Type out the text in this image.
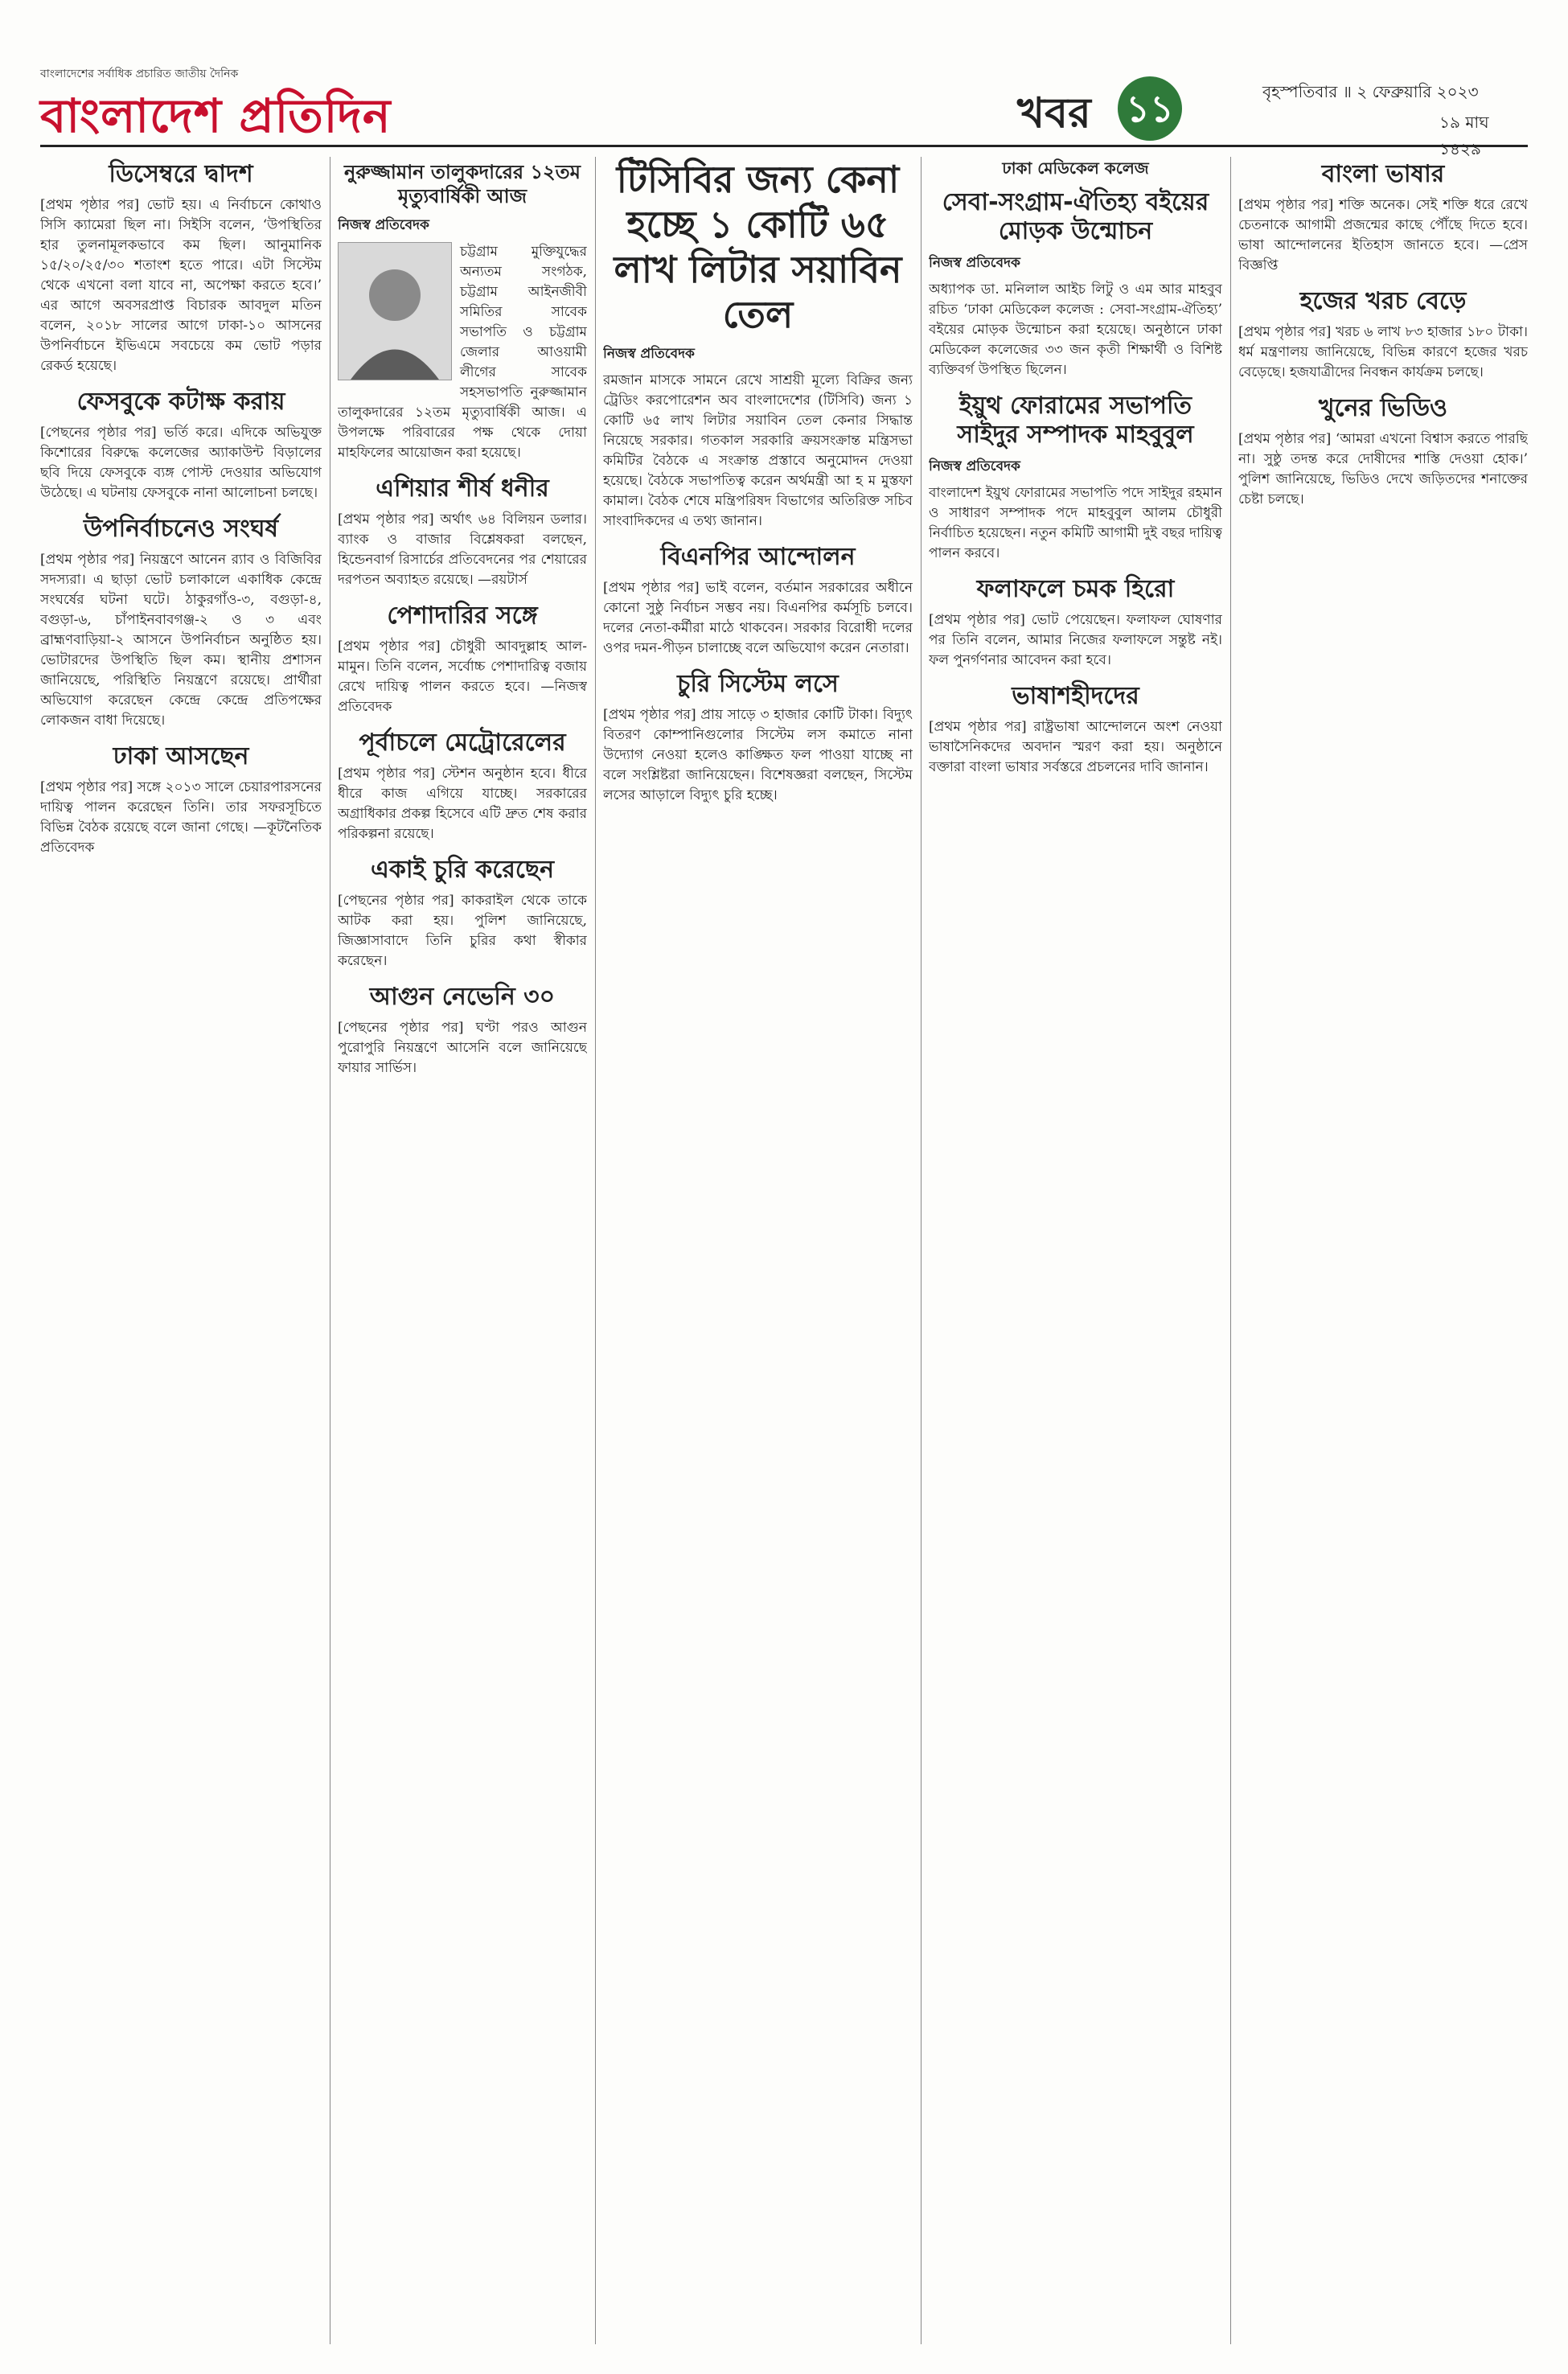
বাংলাদেশের সর্বাধিক প্রচারিত জাতীয় দৈনিক
বাংলাদেশ প্রতিদিন	খবর ১১	বৃহস্পতিবার ॥ ২ ফেব্রুয়ারি ২০২৩
১৯ মাঘ ১৪২৯
ডিসেম্বরে দ্বাদশ

[প্রথম পৃষ্ঠার পর] ভোট হয়। এ নির্বাচনে কোথাও সিসি ক্যামেরা ছিল না। সিইসি বলেন, ‘উপস্থিতির হার তুলনামূলকভাবে কম ছিল। আনুমানিক ১৫/২০/২৫/৩০ শতাংশ হতে পারে। এটা সিস্টেম থেকে এখনো বলা যাবে না, অপেক্ষা করতে হবে।’ এর আগে অবসরপ্রাপ্ত বিচারক আবদুল মতিন বলেন, ২০১৮ সালের আগে ঢাকা-১০ আসনের উপনির্বাচনে ইভিএমে সবচেয়ে কম ভোট পড়ার রেকর্ড হয়েছে।

ফেসবুকে কটাক্ষ করায়

[পেছনের পৃষ্ঠার পর] ভর্তি করে। এদিকে অভিযুক্ত কিশোরের বিরুদ্ধে কলেজের অ্যাকাউন্ট বিড়ালের ছবি দিয়ে ফেসবুকে ব্যঙ্গ পোস্ট দেওয়ার অভিযোগ উঠেছে। এ ঘটনায় ফেসবুকে নানা আলোচনা চলছে।

উপনির্বাচনেও সংঘর্ষ

[প্রথম পৃষ্ঠার পর] নিয়ন্ত্রণে আনেন র‌্যাব ও বিজিবির সদস্যরা। এ ছাড়া ভোট চলাকালে একাধিক কেন্দ্রে সংঘর্ষের ঘটনা ঘটে। ঠাকুরগাঁও-৩, বগুড়া-৪, বগুড়া-৬, চাঁপাইনবাবগঞ্জ-২ ও ৩ এবং ব্রাহ্মণবাড়িয়া-২ আসনে উপনির্বাচন অনুষ্ঠিত হয়। ভোটারদের উপস্থিতি ছিল কম। স্থানীয় প্রশাসন জানিয়েছে, পরিস্থিতি নিয়ন্ত্রণে রয়েছে। প্রার্থীরা অভিযোগ করেছেন কেন্দ্রে কেন্দ্রে প্রতিপক্ষের লোকজন বাধা দিয়েছে।

ঢাকা আসছেন

[প্রথম পৃষ্ঠার পর] সঙ্গে ২০১৩ সালে চেয়ারপারসনের দায়িত্ব পালন করেছেন তিনি। তার সফরসূচিতে বিভিন্ন বৈঠক রয়েছে বলে জানা গেছে। —কূটনৈতিক প্রতিবেদক

নুরুজ্জামান তালুকদারের ১২তম মৃত্যুবার্ষিকী আজ
নিজস্ব প্রতিবেদক

চট্টগ্রাম মুক্তিযুদ্ধের অন্যতম সংগঠক, চট্টগ্রাম আইনজীবী সমিতির সাবেক সভাপতি ও চট্টগ্রাম জেলার আওয়ামী লীগের সাবেক সহসভাপতি নুরুজ্জামান তালুকদারের ১২তম মৃত্যুবার্ষিকী আজ। এ উপলক্ষে পরিবারের পক্ষ থেকে দোয়া মাহফিলের আয়োজন করা হয়েছে।

এশিয়ার শীর্ষ ধনীর

[প্রথম পৃষ্ঠার পর] অর্থাৎ ৬৪ বিলিয়ন ডলার। ব্যাংক ও বাজার বিশ্লেষকরা বলছেন, হিন্ডেনবার্গ রিসার্চের প্রতিবেদনের পর শেয়ারের দরপতন অব্যাহত রয়েছে। —রয়টার্স

পেশাদারির সঙ্গে

[প্রথম পৃষ্ঠার পর] চৌধুরী আবদুল্লাহ আল-মামুন। তিনি বলেন, সর্বোচ্চ পেশাদারিত্ব বজায় রেখে দায়িত্ব পালন করতে হবে। —নিজস্ব প্রতিবেদক

পূর্বাচলে মেট্রোরেলের

[প্রথম পৃষ্ঠার পর] স্টেশন অনুষ্ঠান হবে। ধীরে ধীরে কাজ এগিয়ে যাচ্ছে। সরকারের অগ্রাধিকার প্রকল্প হিসেবে এটি দ্রুত শেষ করার পরিকল্পনা রয়েছে।

একাই চুরি করেছেন

[পেছনের পৃষ্ঠার পর] কাকরাইল থেকে তাকে আটক করা হয়। পুলিশ জানিয়েছে, জিজ্ঞাসাবাদে তিনি চুরির কথা স্বীকার করেছেন।

আগুন নেভেনি ৩০

[পেছনের পৃষ্ঠার পর] ঘণ্টা পরও আগুন পুরোপুরি নিয়ন্ত্রণে আসেনি বলে জানিয়েছে ফায়ার সার্ভিস।

টিসিবির জন্য কেনা হচ্ছে ১ কোটি ৬৫ লাখ লিটার সয়াবিন তেল
নিজস্ব প্রতিবেদক

রমজান মাসকে সামনে রেখে সাশ্রয়ী মূল্যে বিক্রির জন্য ট্রেডিং করপোরেশন অব বাংলাদেশের (টিসিবি) জন্য ১ কোটি ৬৫ লাখ লিটার সয়াবিন তেল কেনার সিদ্ধান্ত নিয়েছে সরকার। গতকাল সরকারি ক্রয়সংক্রান্ত মন্ত্রিসভা কমিটির বৈঠকে এ সংক্রান্ত প্রস্তাবে অনুমোদন দেওয়া হয়েছে। বৈঠকে সভাপতিত্ব করেন অর্থমন্ত্রী আ হ ম মুস্তফা কামাল। বৈঠক শেষে মন্ত্রিপরিষদ বিভাগের অতিরিক্ত সচিব সাংবাদিকদের এ তথ্য জানান।

বিএনপির আন্দোলন

[প্রথম পৃষ্ঠার পর] ভাই বলেন, বর্তমান সরকারের অধীনে কোনো সুষ্ঠু নির্বাচন সম্ভব নয়। বিএনপির কর্মসূচি চলবে। দলের নেতা-কর্মীরা মাঠে থাকবেন। সরকার বিরোধী দলের ওপর দমন-পীড়ন চালাচ্ছে বলে অভিযোগ করেন নেতারা।

চুরি সিস্টেম লসে

[প্রথম পৃষ্ঠার পর] প্রায় সাড়ে ৩ হাজার কোটি টাকা। বিদ্যুৎ বিতরণ কোম্পানিগুলোর সিস্টেম লস কমাতে নানা উদ্যোগ নেওয়া হলেও কাঙ্ক্ষিত ফল পাওয়া যাচ্ছে না বলে সংশ্লিষ্টরা জানিয়েছেন। বিশেষজ্ঞরা বলছেন, সিস্টেম লসের আড়ালে বিদ্যুৎ চুরি হচ্ছে।

ঢাকা মেডিকেল কলেজ
সেবা-সংগ্রাম-ঐতিহ্য বইয়ের মোড়ক উন্মোচন
নিজস্ব প্রতিবেদক

অধ্যাপক ডা. মনিলাল আইচ লিটু ও এম আর মাহবুব রচিত ‘ঢাকা মেডিকেল কলেজ : সেবা-সংগ্রাম-ঐতিহ্য’ বইয়ের মোড়ক উন্মোচন করা হয়েছে। অনুষ্ঠানে ঢাকা মেডিকেল কলেজের ৩৩ জন কৃতী শিক্ষার্থী ও বিশিষ্ট ব্যক্তিবর্গ উপস্থিত ছিলেন।

ইয়ুথ ফোরামের সভাপতি সাইদুর সম্পাদক মাহবুবুল
নিজস্ব প্রতিবেদক

বাংলাদেশ ইয়ুথ ফোরামের সভাপতি পদে সাইদুর রহমান ও সাধারণ সম্পাদক পদে মাহবুবুল আলম চৌধুরী নির্বাচিত হয়েছেন। নতুন কমিটি আগামী দুই বছর দায়িত্ব পালন করবে।

ফলাফলে চমক হিরো

[প্রথম পৃষ্ঠার পর] ভোট পেয়েছেন। ফলাফল ঘোষণার পর তিনি বলেন, আমার নিজের ফলাফলে সন্তুষ্ট নই। ফল পুনর্গণনার আবেদন করা হবে।

ভাষাশহীদদের

[প্রথম পৃষ্ঠার পর] রাষ্ট্রভাষা আন্দোলনে অংশ নেওয়া ভাষাসৈনিকদের অবদান স্মরণ করা হয়। অনুষ্ঠানে বক্তারা বাংলা ভাষার সর্বস্তরে প্রচলনের দাবি জানান।

বাংলা ভাষার

[প্রথম পৃষ্ঠার পর] শক্তি অনেক। সেই শক্তি ধরে রেখে চেতনাকে আগামী প্রজন্মের কাছে পৌঁছে দিতে হবে। ভাষা আন্দোলনের ইতিহাস জানতে হবে। —প্রেস বিজ্ঞপ্তি

হজের খরচ বেড়ে

[প্রথম পৃষ্ঠার পর] খরচ ৬ লাখ ৮৩ হাজার ১৮০ টাকা। ধর্ম মন্ত্রণালয় জানিয়েছে, বিভিন্ন কারণে হজের খরচ বেড়েছে। হজযাত্রীদের নিবন্ধন কার্যক্রম চলছে।

খুনের ভিডিও

[প্রথম পৃষ্ঠার পর] ‘আমরা এখনো বিশ্বাস করতে পারছি না। সুষ্ঠু তদন্ত করে দোষীদের শাস্তি দেওয়া হোক।’ পুলিশ জানিয়েছে, ভিডিও দেখে জড়িতদের শনাক্তের চেষ্টা চলছে।
